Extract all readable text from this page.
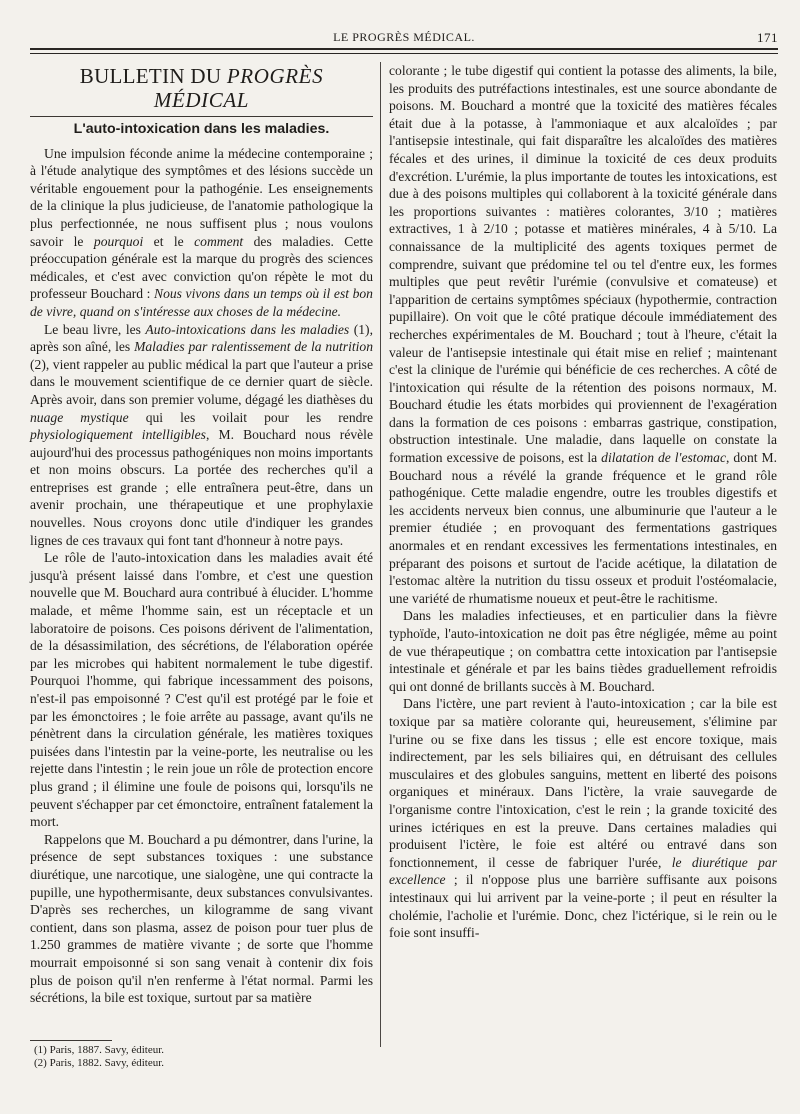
LE PROGRÈS MÉDICAL.	171
BULLETIN DU PROGRÈS MÉDICAL
L'auto-intoxication dans les maladies.

Une impulsion féconde anime la médecine contemporaine ; à l'étude analytique des symptômes et des lésions succède un véritable engouement pour la pathogénie. Les enseignements de la clinique la plus judicieuse, de l'anatomie pathologique la plus perfectionnée, ne nous suffisent plus ; nous voulons savoir le pourquoi et le comment des maladies. Cette préoccupation générale est la marque du progrès des sciences médicales, et c'est avec conviction qu'on répète le mot du professeur Bouchard : Nous vivons dans un temps où il est bon de vivre, quand on s'intéresse aux choses de la médecine.

Le beau livre, les Auto-intoxications dans les maladies (1), après son aîné, les Maladies par ralentissement de la nutrition (2), vient rappeler au public médical la part que l'auteur a prise dans le mouvement scientifique de ce dernier quart de siècle. Après avoir, dans son premier volume, dégagé les diathèses du nuage mystique qui les voilait pour les rendre physiologiquement intelligibles, M. Bouchard nous révèle aujourd'hui des processus pathogéniques non moins importants et non moins obscurs. La portée des recherches qu'il a entreprises est grande ; elle entraînera peut-être, dans un avenir prochain, une thérapeutique et une prophylaxie nouvelles. Nous croyons donc utile d'indiquer les grandes lignes de ces travaux qui font tant d'honneur à notre pays.

Le rôle de l'auto-intoxication dans les maladies avait été jusqu'à présent laissé dans l'ombre, et c'est une question nouvelle que M. Bouchard aura contribué à élucider. L'homme malade, et même l'homme sain, est un réceptacle et un laboratoire de poisons. Ces poisons dérivent de l'alimentation, de la désassimilation, des sécrétions, de l'élaboration opérée par les microbes qui habitent normalement le tube digestif. Pourquoi l'homme, qui fabrique incessamment des poisons, n'est-il pas empoisonné ? C'est qu'il est protégé par le foie et par les émonctoires ; le foie arrête au passage, avant qu'ils ne pénètrent dans la circulation générale, les matières toxiques puisées dans l'intestin par la veine-porte, les neutralise ou les rejette dans l'intestin ; le rein joue un rôle de protection encore plus grand ; il élimine une foule de poisons qui, lorsqu'ils ne peuvent s'échapper par cet émonctoire, entraînent fatalement la mort.

Rappelons que M. Bouchard a pu démontrer, dans l'urine, la présence de sept substances toxiques : une substance diurétique, une narcotique, une sialogène, une qui contracte la pupille, une hypothermisante, deux substances convulsivantes. D'après ses recherches, un kilogramme de sang vivant contient, dans son plasma, assez de poison pour tuer plus de 1.250 grammes de matière vivante ; de sorte que l'homme mourrait empoisonné si son sang venait à contenir dix fois plus de poison qu'il n'en renferme à l'état normal. Parmi les sécrétions, la bile est toxique, surtout par sa matière

colorante ; le tube digestif qui contient la potasse des aliments, la bile, les produits des putréfactions intestinales, est une source abondante de poisons. M. Bouchard a montré que la toxicité des matières fécales était due à la potasse, à l'ammoniaque et aux alcaloïdes ; par l'antisepsie intestinale, qui fait disparaître les alcaloïdes des matières fécales et des urines, il diminue la toxicité de ces deux produits d'excrétion. L'urémie, la plus importante de toutes les intoxications, est due à des poisons multiples qui collaborent à la toxicité générale dans les proportions suivantes : matières colorantes, 3/10 ; matières extractives, 1 à 2/10 ; potasse et matières minérales, 4 à 5/10. La connaissance de la multiplicité des agents toxiques permet de comprendre, suivant que prédomine tel ou tel d'entre eux, les formes multiples que peut revêtir l'urémie (convulsive et comateuse) et l'apparition de certains symptômes spéciaux (hypothermie, contraction pupillaire). On voit que le côté pratique découle immédiatement des recherches expérimentales de M. Bouchard ; tout à l'heure, c'était la valeur de l'antisepsie intestinale qui était mise en relief ; maintenant c'est la clinique de l'urémie qui bénéficie de ces recherches. A côté de l'intoxication qui résulte de la rétention des poisons normaux, M. Bouchard étudie les états morbides qui proviennent de l'exagération dans la formation de ces poisons : embarras gastrique, constipation, obstruction intestinale. Une maladie, dans laquelle on constate la formation excessive de poisons, est la dilatation de l'estomac, dont M. Bouchard nous a révélé la grande fréquence et le grand rôle pathogénique. Cette maladie engendre, outre les troubles digestifs et les accidents nerveux bien connus, une albuminurie que l'auteur a le premier étudiée ; en provoquant des fermentations gastriques anormales et en rendant excessives les fermentations intestinales, en préparant des poisons et surtout de l'acide acétique, la dilatation de l'estomac altère la nutrition du tissu osseux et produit l'ostéomalacie, une variété de rhumatisme noueux et peut-être le rachitisme.

Dans les maladies infectieuses, et en particulier dans la fièvre typhoïde, l'auto-intoxication ne doit pas être négligée, même au point de vue thérapeutique ; on combattra cette intoxication par l'antisepsie intestinale et générale et par les bains tièdes graduellement refroidis qui ont donné de brillants succès à M. Bouchard.

Dans l'ictère, une part revient à l'auto-intoxication ; car la bile est toxique par sa matière colorante qui, heureusement, s'élimine par l'urine ou se fixe dans les tissus ; elle est encore toxique, mais indirectement, par les sels biliaires qui, en détruisant des cellules musculaires et des globules sanguins, mettent en liberté des poisons organiques et minéraux. Dans l'ictère, la vraie sauvegarde de l'organisme contre l'intoxication, c'est le rein ; la grande toxicité des urines ictériques en est la preuve. Dans certaines maladies qui produisent l'ictère, le foie est altéré ou entravé dans son fonctionnement, il cesse de fabriquer l'urée, le diurétique par excellence ; il n'oppose plus une barrière suffisante aux poisons intestinaux qui lui arrivent par la veine-porte ; il peut en résulter la cholémie, l'acholie et l'urémie. Donc, chez l'ictérique, si le rein ou le foie sont insuffi-

(1) Paris, 1887. Savy, éditeur.
(2) Paris, 1882. Savy, éditeur.
